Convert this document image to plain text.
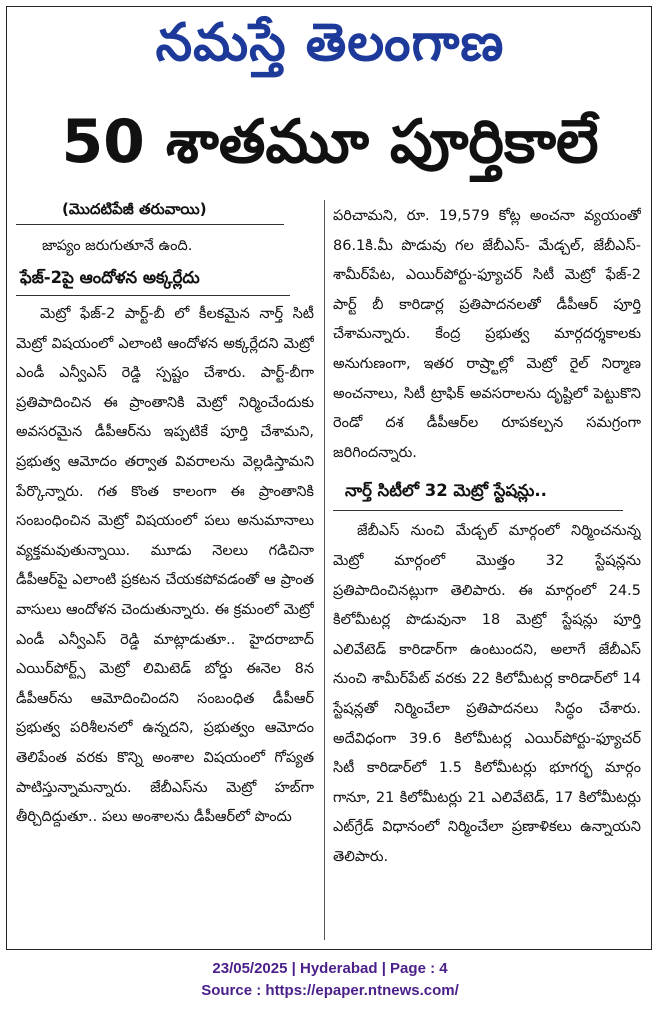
నమస్తే తెలంగాణ
50 శాతమూ పూర్తికాలే
(మొదటిపేజీ తరువాయి)
జాప్యం జరుగుతూనే ఉంది.
ఫేజ్‌-2పై ఆందోళన అక్కర్లేదు

మెట్రో ఫేజ్‌-2 పార్ట్‌-బీ లో కీలకమైన నార్త్‌ సిటీ మెట్రో విషయంలో ఎలాంటి ఆందోళన అక్కర్లేదని మెట్రో ఎండీ ఎన్వీఎస్‌ రెడ్డి స్పష్టం చేశారు. పార్ట్‌-బీగా ప్రతిపాదించిన ఈ ప్రాంతానికి మెట్రో నిర్మించేందుకు అవసరమైన డీపీఆర్‌ను ఇప్పటికే పూర్తి చేశామని, ప్రభుత్వ ఆమోదం తర్వాత వివరాలను వెల్లడిస్తామని పేర్కొన్నారు. గత కొంత కాలంగా ఈ ప్రాంతానికి సంబంధించిన మెట్రో విషయంలో పలు అనుమానాలు వ్యక్తమవుతున్నాయి. మూడు నెలలు గడిచినా డీపీఆర్‌పై ఎలాంటి ప్రకటన చేయకపోవడంతో ఆ ప్రాంత వాసులు ఆందోళన చెందుతున్నారు. ఈ క్రమంలో మెట్రో ఎండీ ఎన్వీఎస్‌ రెడ్డి మాట్లాడుతూ.. హైదరాబాద్‌ ఎయిర్‌పోర్ట్స్‌ మెట్రో లిమిటెడ్‌ బోర్డు ఈనెల 8న డీపీఆర్‌ను ఆమోదించిందని సంబంధిత డీపీఆర్‌ ప్రభుత్వ పరిశీలనలో ఉన్నదని, ప్రభుత్వం ఆమోదం తెలిపేంత వరకు కొన్ని అంశాల విషయంలో గోప్యత పాటిస్తున్నామన్నారు. జేబీఎస్‌ను మెట్రో హబ్‌గా తీర్చిదిద్దుతూ.. పలు అంశాలను డీపీఆర్‌లో పొందు

పరిచామని, రూ. 19,579 కోట్ల అంచనా వ్యయంతో 86.1కి.మీ పొడువు గల జేబీఎస్‌- మేడ్చల్‌, జేబీఎస్‌- శామీర్‌పేట, ఎయిర్‌పోర్టు-ఫ్యూచర్‌ సిటీ మెట్రో ఫేజ్‌-2 పార్ట్‌ బీ కారిడార్ల ప్రతిపాదనలతో డీపీఆర్‌ పూర్తి చేశామన్నారు. కేంద్ర ప్రభుత్వ మార్గదర్శకాలకు అనుగుణంగా, ఇతర రాష్ర్టాల్లో మెట్రో రైల్‌ నిర్మాణ అంచనాలు, సిటీ ట్రాఫిక్‌ అవసరాలను దృష్టిలో పెట్టుకొని రెండో దశ డీపీఆర్‌ల రూపకల్పన సమగ్రంగా జరిగిందన్నారు.

నార్త్‌ సిటీలో 32 మెట్రో స్టేషన్లు..

జేబీఎస్‌ నుంచి మేడ్చల్‌ మార్గంలో నిర్మించనున్న మెట్రో మార్గంలో మొత్తం 32 స్టేషన్లను ప్రతిపాదించినట్లుగా తెలిపారు. ఈ మార్గంలో 24.5 కిలోమీటర్ల పొడువునా 18 మెట్రో స్టేషన్లు పూర్తి ఎలివేటెడ్‌ కారిడార్‌గా ఉంటుందని, అలాగే జేబీఎస్‌ నుంచి శామీర్‌పేట్‌ వరకు 22 కిలోమీటర్ల కారిడార్‌లో 14 స్టేషన్లతో నిర్మించేలా ప్రతిపాదనలు సిద్ధం చేశారు. అదేవిధంగా 39.6 కిలోమీటర్ల ఎయిర్‌పోర్టు-ఫ్యూచర్‌ సిటీ కారిడార్‌లో 1.5 కిలోమీటర్లు భూగర్భ మార్గం గానూ, 21 కిలోమీటర్లు 21 ఎలివేటెడ్‌, 17 కిలోమీటర్లు ఎట్‌గ్రేడ్‌ విధానంలో నిర్మించేలా ప్రణాళికలు ఉన్నాయని తెలిపారు.

23/05/2025 | Hyderabad | Page : 4
Source : https://epaper.ntnews.com/
